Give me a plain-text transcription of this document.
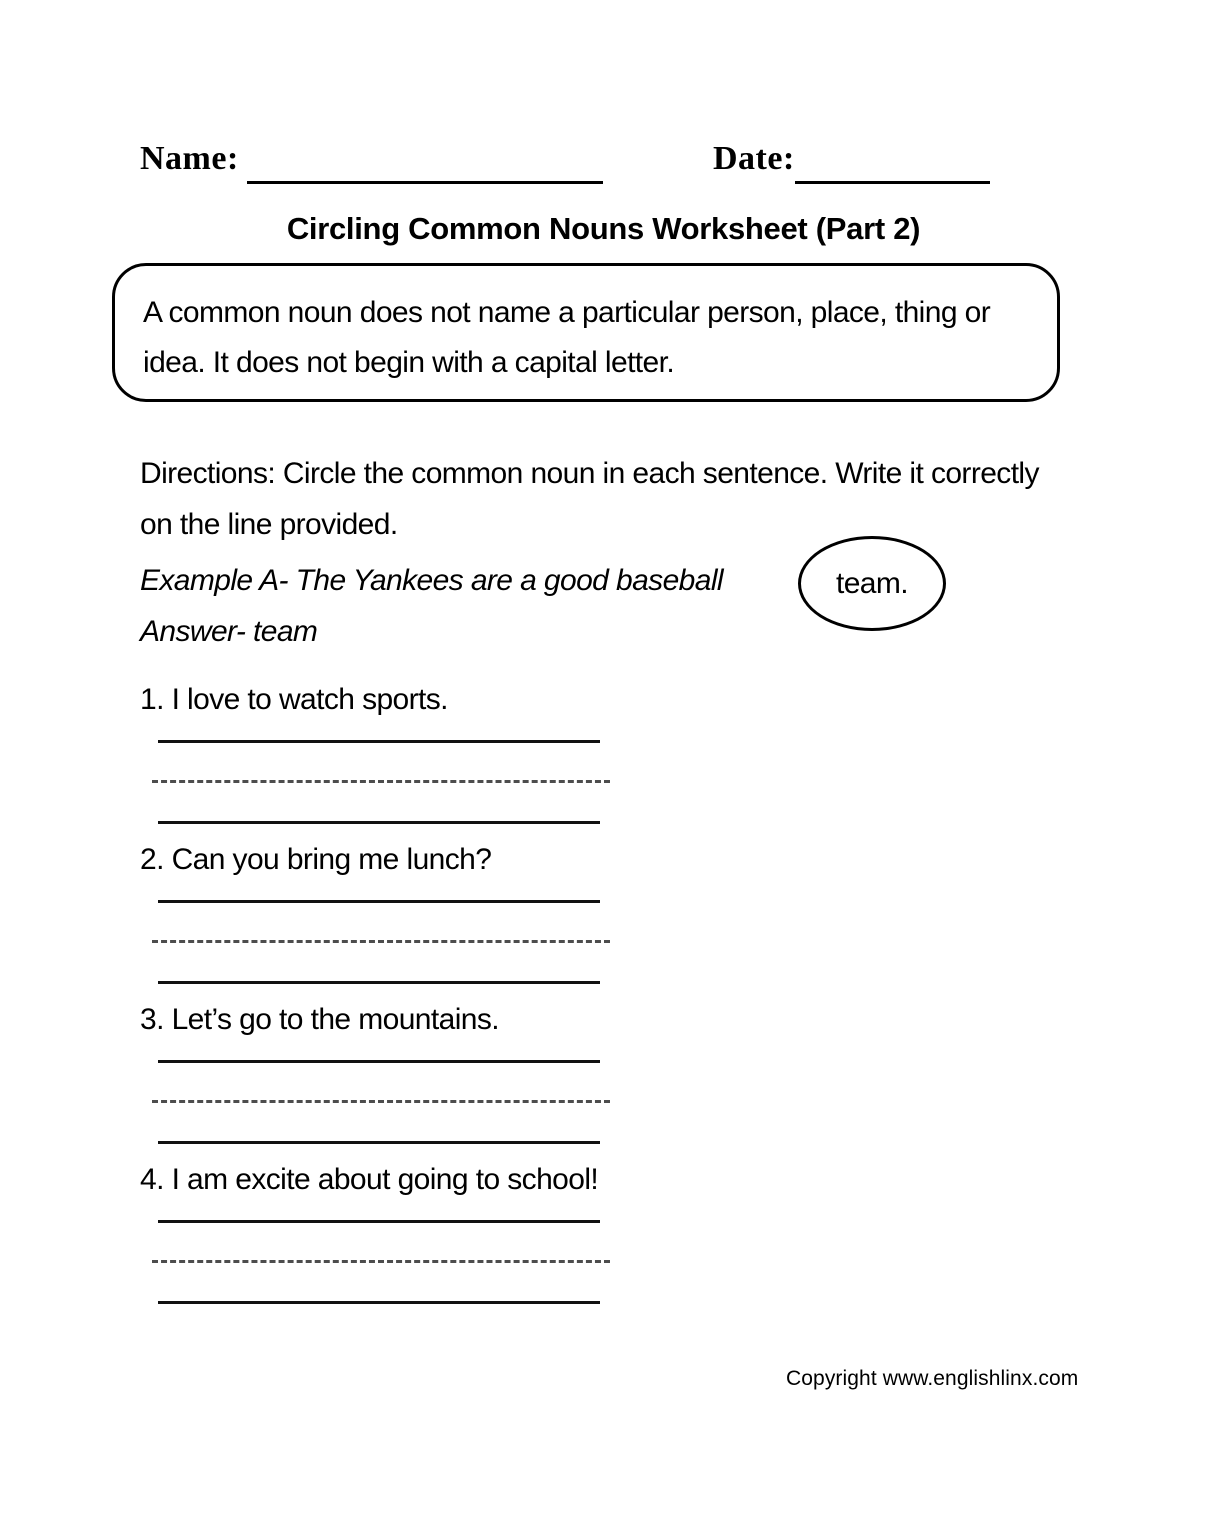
Name:	Date:
Circling Common Nouns Worksheet (Part 2)
A common noun does not name a particular person, place, thing or idea. It does not begin with a capital letter.
Directions: Circle the common noun in each sentence. Write it correctly on the line provided.
Example A- The Yankees are a good baseball	team.
Answer- team
1. I love to watch sports.
2. Can you bring me lunch?
3. Let’s go to the mountains.
4. I am excite about going to school!
Copyright www.englishlinx.com
